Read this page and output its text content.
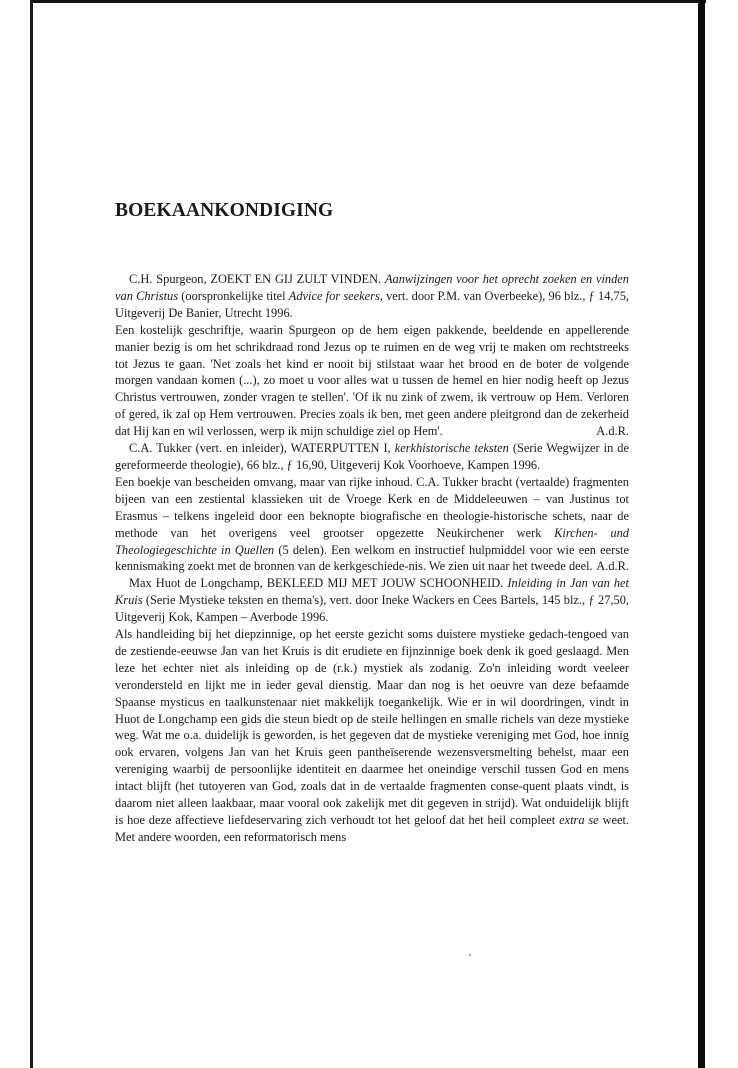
BOEKAANKONDIGING

C.H. Spurgeon, ZOEKT EN GIJ ZULT VINDEN. Aanwijzingen voor het oprecht zoeken en vinden van Christus (oorspronkelijke titel Advice for seekers, vert. door P.M. van Overbeeke), 96 blz., ƒ 14,75, Uitgeverij De Banier, Utrecht 1996.

Een kostelijk geschriftje, waarin Spurgeon op de hem eigen pakkende, beeldende en appellerende manier bezig is om het schrikdraad rond Jezus op te ruimen en de weg vrij te maken om rechtstreeks tot Jezus te gaan. 'Net zoals het kind er nooit bij stilstaat waar het brood en de boter de volgende morgen vandaan komen (...), zo moet u voor alles wat u tussen de hemel en hier nodig heeft op Jezus Christus vertrouwen, zonder vragen te stellen'. 'Of ik nu zink of zwem, ik vertrouw op Hem. Verloren of gered, ik zal op Hem vertrouwen. Precies zoals ik ben, met geen andere pleitgrond dan de zekerheid dat Hij kan en wil verlossen, werp ik mijn schuldige ziel op Hem'.	A.d.R.

C.A. Tukker (vert. en inleider), WATERPUTTEN I, kerkhistorische teksten (Serie Wegwijzer in de gereformeerde theologie), 66 blz., ƒ 16,90, Uitgeverij Kok Voorhoeve, Kampen 1996.

Een boekje van bescheiden omvang, maar van rijke inhoud. C.A. Tukker bracht (vertaalde) fragmenten bijeen van een zestiental klassieken uit de Vroege Kerk en de Middeleeuwen – van Justinus tot Erasmus – telkens ingeleid door een beknopte biografische en theologie-historische schets, naar de methode van het overigens veel grootser opgezette Neukirchener werk Kirchen- und Theologiegeschichte in Quellen (5 delen). Een welkom en instructief hulpmiddel voor wie een eerste kennismaking zoekt met de bronnen van de kerkgeschiede-nis. We zien uit naar het tweede deel. A.d.R.

Max Huot de Longchamp, BEKLEED MIJ MET JOUW SCHOONHEID. Inleiding in Jan van het Kruis (Serie Mystieke teksten en thema's), vert. door Ineke Wackers en Cees Bartels, 145 blz., ƒ 27,50, Uitgeverij Kok, Kampen – Averbode 1996.

Als handleiding bij het diepzinnige, op het eerste gezicht soms duistere mystieke gedach-tengoed van de zestiende-eeuwse Jan van het Kruis is dit erudiete en fijnzinnige boek denk ik goed geslaagd. Men leze het echter niet als inleiding op de (r.k.) mystiek als zodanig. Zo'n inleiding wordt veeleer verondersteld en lijkt me in ieder geval dienstig. Maar dan nog is het oeuvre van deze befaamde Spaanse mysticus en taalkunstenaar niet makkelijk toegankelijk. Wie er in wil doordringen, vindt in Huot de Longchamp een gids die steun biedt op de steile hellingen en smalle richels van deze mystieke weg. Wat me o.a. duidelijk is geworden, is het gegeven dat de mystieke vereniging met God, hoe innig ook ervaren, volgens Jan van het Kruis geen pantheïserende wezensversmelting behelst, maar een vereniging waarbij de persoonlijke identiteit en daarmee het oneindige verschil tussen God en mens intact blijft (het tutoyeren van God, zoals dat in de vertaalde fragmenten conse-quent plaats vindt, is daarom niet alleen laakbaar, maar vooral ook zakelijk met dit gegeven in strijd). Wat onduidelijk blijft is hoe deze affectieve liefdeservaring zich verhoudt tot het geloof dat het heil compleet extra se weet. Met andere woorden, een reformatorisch mens
